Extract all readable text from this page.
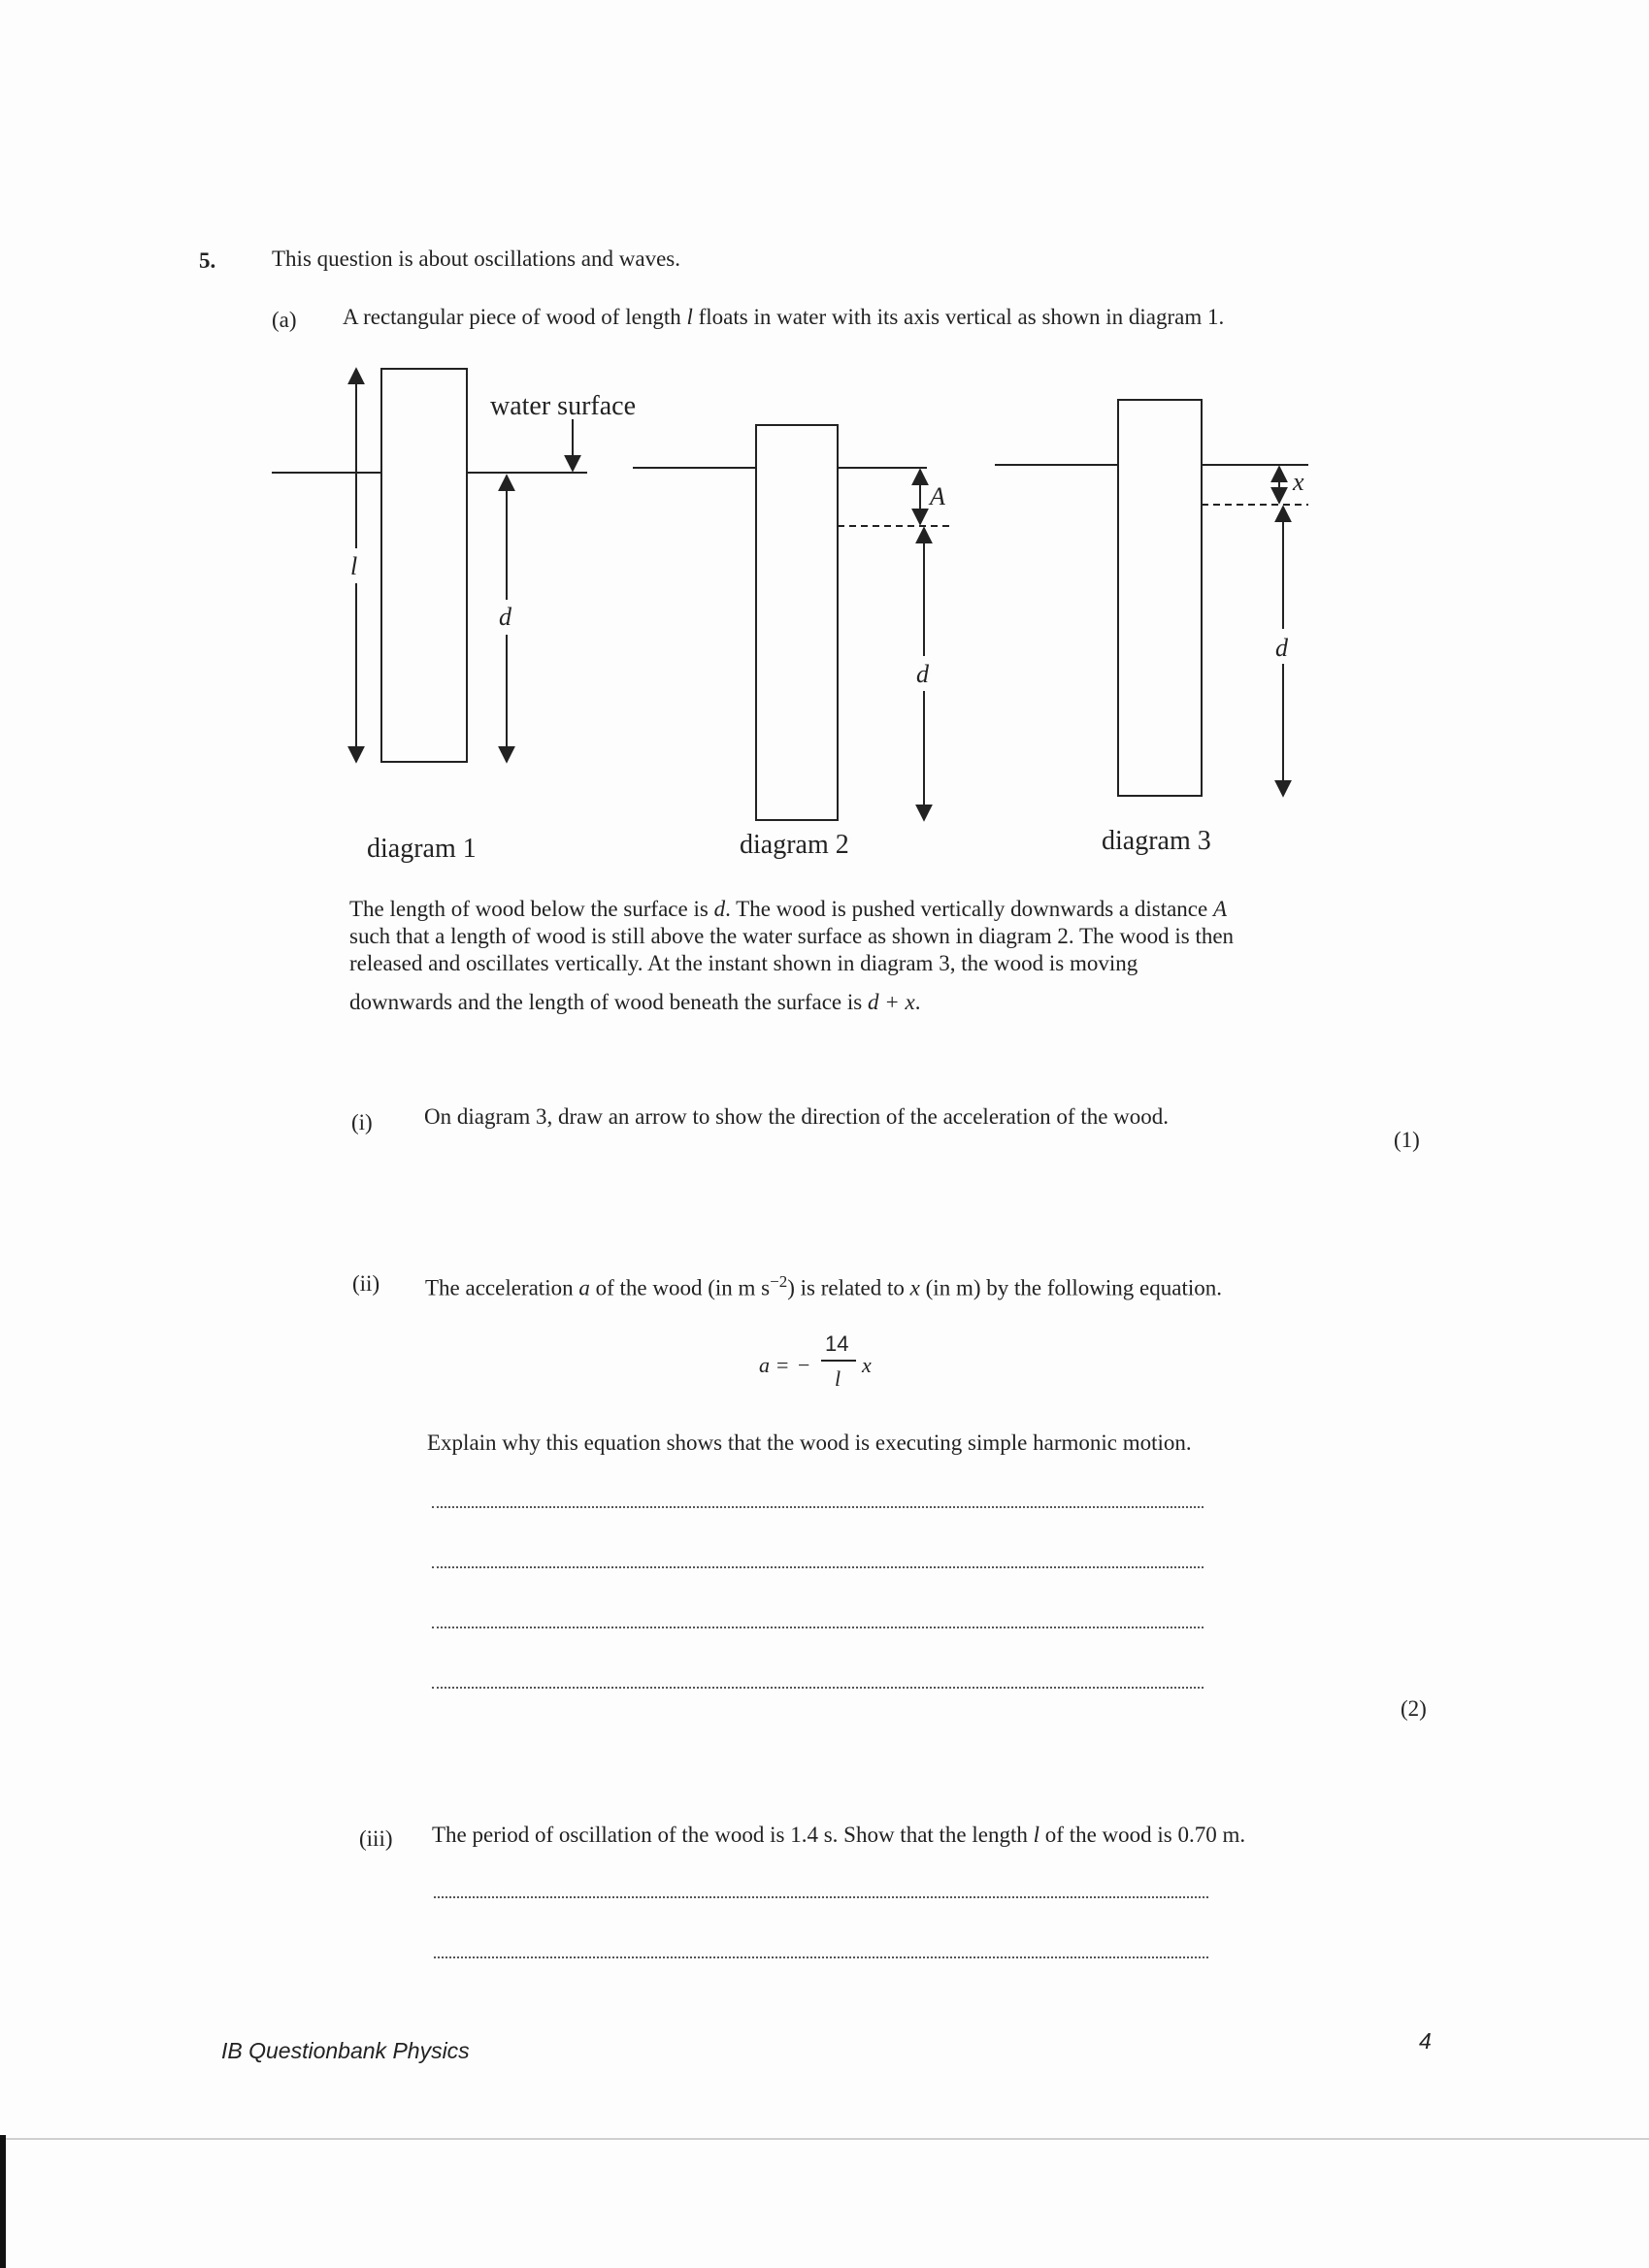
5.	This question is about oscillations and waves.
(a) A rectangular piece of wood of length l floats in water with its axis vertical as shown in diagram 1.
water surface
l
d
A
d
x
d
diagram 1	diagram 2	diagram 3
The length of wood below the surface is d. The wood is pushed vertically downwards a distance A
such that a length of wood is still above the water surface as shown in diagram 2. The wood is then
released and oscillates vertically. At the instant shown in diagram 3, the wood is moving
downwards and the length of wood beneath the surface is d + x.
(i) On diagram 3, draw an arrow to show the direction of the acceleration of the wood.
(1)
(ii) The acceleration a of the wood (in m $s^{-2}$) is related to x (in m) by the following equation.
a = −
14
l
x
Explain why this equation shows that the wood is executing simple harmonic motion.
(2)
(iii) The period of oscillation of the wood is 1.4 s. Show that the length l of the wood is 0.70 m.
IB Questionbank Physics	4
